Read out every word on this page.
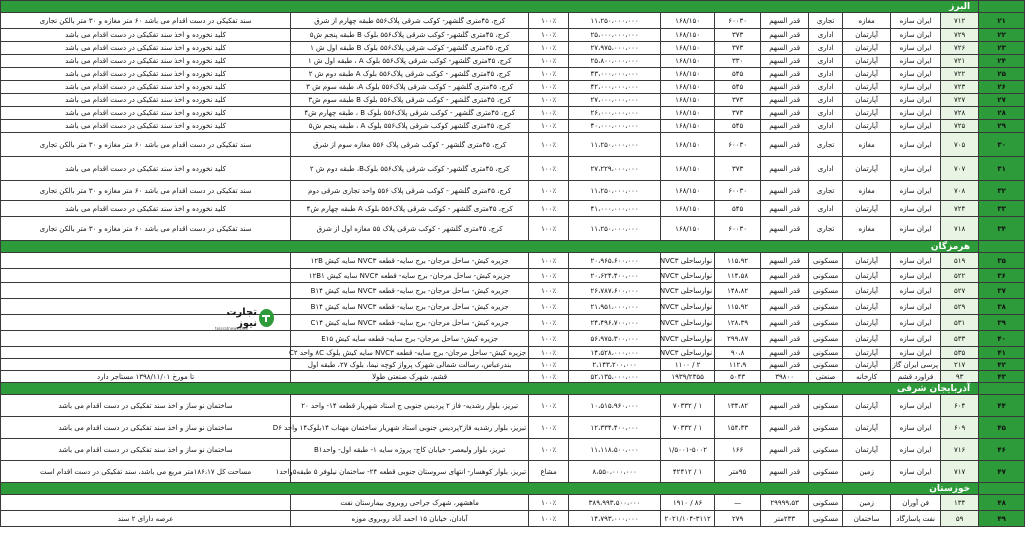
	البرز										
۲۱	۷۱۲	ایران سازه	مغازه	تجاری	قدر السهم	۶۰۰۳۰	۱۶۸/۱۵۰	۱۱،۲۵۰،۰۰۰،۰۰۰	۱۰۰٪	کرج، ۴۵متری گلشهر- کوکب شرقی پلاک۵۵۶ طبقه چهارم از شرق	سند تفکیکی در دست اقدام می باشد ۶۰ متر مغازه و ۳۰ متر بالکن تجاری
۲۲	۷۲۹	ایران سازه	آپارتمان	اداری	قدر السهم	۳۷۳	۱۶۸/۱۵۰	۲۵،۰۰۰،۰۰۰،۰۰۰	۱۰۰٪	کرج، ۴۵متری گلشهر- کوکب شرقی پلاک۵۵۶ بلوک B طبقه پنجم ش۵	کلید نخورده و اخذ سند تفکیکی در دست اقدام می باشد
۲۳	۷۲۶	ایران سازه	آپارتمان	اداری	قدر السهم	۳۷۳	۱۶۸/۱۵۰	۲۷،۹۷۵،۰۰۰،۰۰۰	۱۰۰٪	کرج، ۴۵متری گلشهر- کوکب شرقی پلاک۵۵۶ بلوک B طبقه اول ش ۱	کلید نخورده و اخذ سند تفکیکی در دست اقدام می باشد
۲۴	۷۲۱	ایران سازه	آپارتمان	اداری	قدر السهم	۳۳۰	۱۶۸/۱۵۰	۲۵،۸۰۰،۰۰۰،۰۰۰	۱۰۰٪	کرج، ۴۵متری گلشهر- کوکب شرقی پلاک۵۵۶ بلوک A ، طبقه اول ش ۱	کلید نخورده و اخذ سند تفکیکی در دست اقدام می باشد
۲۵	۷۲۲	ایران سازه	آپارتمان	اداری	قدر السهم	۵۴۵	۱۶۸/۱۵۰	۴۳،۰۰۰،۰۰۰،۰۰۰	۱۰۰٪	کرج، ۴۵متری گلشهر - کوکب شرقی پلاک۵۵۶ بلوک A طبقه دوم ش ۲	کلید نخورده و اخذ سند تفکیکی در دست اقدام می باشد
۲۶	۷۲۳	ایران سازه	آپارتمان	اداری	قدر السهم	۵۴۵	۱۶۸/۱۵۰	۴۲،۰۰۰،۰۰۰،۰۰۰	۱۰۰٪	کرج، ۴۵متری گلشهر - کوکب شرقی پلاک۵۵۶ بلوک A، طبقه سوم ش ۳	کلید نخورده و اخذ سند تفکیکی در دست اقدام می باشد
۲۷	۷۲۷	ایران سازه	آپارتمان	اداری	قدر السهم	۳۷۳	۱۶۸/۱۵۰	۲۷،۰۰۰،۰۰۰،۰۰۰	۱۰۰٪	کرج، ۴۵متری گلشهر - کوکب شرقی پلاک۵۵۶ بلوک B طبقه سوم ش۳	کلید نخورده و اخذ سند تفکیکی در دست اقدام می باشد
۲۸	۷۲۸	ایران سازه	آپارتمان	اداری	قدر السهم	۳۷۳	۱۶۸/۱۵۰	۲۶،۰۰۰،۰۰۰،۰۰۰	۱۰۰٪	کرج، ۴۵متری گلشهر - کوکب شرقی پلاک۵۵۶ بلوک B ، طبقه چهارم ش۴	کلید نخورده و اخذ سند تفکیکی در دست اقدام می باشد
۲۹	۷۲۵	ایران سازه	آپارتمان	اداری	قدر السهم	۵۴۵	۱۶۸/۱۵۰	۴۰،۰۰۰،۰۰۰،۰۰۰	۱۰۰٪	کرج، ۴۵متری گلشهر کوکب شرقی پلاک۵۵۶ بلوک A ، طبقه پنجم ش۵	کلید نخورده و اخذ سند تفکیکی در دست اقدام می باشد
۳۰	۷۰۵	ایران سازه	مغازه	تجاری	قدر السهم	۶۰۰۳۰	۱۶۸/۱۵۰	۱۱،۲۵۰،۰۰۰،۰۰۰	۱۰۰٪	کرج، ۴۵متری گلشهر - کوکب شرقی پلاک ۵۵۶ مغازه سوم از شرق	سند تفکیکی در دست اقدام می باشد ۶۰ متر مغازه و ۳۰ متر بالکن تجاری
۳۱	۷۰۷	ایران سازه	آپارتمان	اداری	قدر السهم	۳۷۳	۱۶۸/۱۵۰	۲۷،۲۲۹،۰۰۰،۰۰۰	۱۰۰٪	کرج، ۴۵متری گلشهر- کوکب شرقی پلاک۵۵۶ بلوکB، طبقه دوم ش ۲	کلید نخورده و اخذ سند تفکیکی در دست اقدام می باشد
۳۲	۷۰۸	ایران سازه	مغازه	تجاری	قدر السهم	۶۰۰۳۰	۱۶۸/۱۵۰	۱۱،۲۵۰،۰۰۰،۰۰۰	۱۰۰٪	کرج، ۴۵متری گلشهر - کوکب شرقی پلاک ۵۵۶ واحد تجاری شرقی دوم	سند تفکیکی در دست اقدام می باشد ۶۰ متر مغازه و ۳۰ متر بالکن تجاری
۳۳	۷۲۴	ایران سازه	آپارتمان	اداری	قدر السهم	۵۴۵	۱۶۸/۱۵۰	۴۱،۰۰۰،۰۰۰،۰۰۰	۱۰۰٪	کرج، ۴۵متری گلشهر - کوکب شرقی پلاک۵۵۶ بلوک A طبقه چهارم ش۴	کلید نخورده و اخذ سند تفکیکی در دست اقدام می باشد
۳۴	۷۱۸	ایران سازه	مغازه	تجاری	قدر السهم	۶۰۰۳۰	۱۶۸/۱۵۰	۱۱،۲۵۰،۰۰۰،۰۰۰	۱۰۰٪	کرج، ۴۵متری گلشهر - کوکب شرقی پلاک ۵۵ مغازه اول از شرق	سند تفکیکی در دست اقدام می باشد ۶۰ متر مغازه و ۳۰ متر بالکن تجاری
	هرمزگان										
۳۵	۵۱۹	ایران سازه	آپارتمان	مسکونی	قدر السهم	۱۱۵،۹۲	نوارساحلی NVC۳	۲۰،۹۶۵،۶۰۰،۰۰۰	۱۰۰٪	جزیره کیش- ساحل مرجان- برج سایه- قطعه NVC۳ سایه کیش ۱۲B	
۳۶	۵۲۲	ایران سازه	آپارتمان	مسکونی	قدر السهم	۱۱۴،۵۸	نوارساحلی NVC۳	۲۰،۶۲۴،۴۰۰،۰۰۰	۱۰۰٪	جزیره کیش- ساحل مرجان- برج سایه- قطعه NVC۳ سایه کیش ۱۲B۱	
۳۷	۵۲۷	ایران سازه	آپارتمان	مسکونی	قدر السهم	۱۴۸،۸۲	نوارساحلی NVC۳	۲۶،۷۸۷،۶۰۰،۰۰۰	۱۰۰٪	جزیره کیش- ساحل مرجان- برج سایه- قطعه NVC۳ سایه کیش B۱۴	
۳۸	۵۲۹	ایران سازه	آپارتمان	مسکونی	قدر السهم	۱۱۵،۹۲	نوارساحلی NVC۳	۲۱،۹۵۱،۰۰۰،۰۰۰	۱۰۰٪	جزیره کیش- ساحل مرجان- برج سایه- قطعه NVC۳ سایه کیش B۱۴	
۳۹	۵۳۱	ایران سازه	آپارتمان	مسکونی	قدر السهم	۱۲۸،۳۹	نوارساحلی NVC۳	۲۴،۴۹۶،۷۰۰،۰۰۰	۱۰۰٪	جزیره کیش- ساحل مرجان- برج سایه- قطعه NVC۳ سایه کیش C۱۴	
۴۰	۵۳۳	ایران سازه	آپارتمان	مسکونی	قدر السهم	۲۹۹،۸۷	نوارساحلی NVC۳	۵۶،۹۷۵،۳۰۰،۰۰۰	۱۰۰٪	جزیره کیش- ساحل مرجان- برج سایه- قطعه سایه کیش E۱۵	
۴۱	۵۳۵	ایران سازه	آپارتمان	مسکونی	قدر السهم	۹۰،۸	نوارساحلی NVC۳	۱۴،۵۲۸،۰۰۰،۰۰۰	۱۰۰٪	جزیره کیش- ساحل مرجان- برج سایه- قطعه NVC۳ سایه کیش بلوک ۸C واحد C۲	
۴۲	۲۱۷	پرسی ایران گاز	آپارتمان	مسکونی	قدر السهم	۱۱۲،۹	۲ / ۱۱۰۰	۲،۱۴۳،۲۰۰،۰۰۰	۱۰۰٪	بندرعباس، رسالت شمالی شهرک پرواز کوچه نیما، بلوک ۲۷، طبقه اول	
۴۳	۹۳	فراورد قشم	کارخانه	صنعتی	۳۹۸۰۰	۵۰۴۳	۱۹۳۹/۲۳۵۵	۵۲،۱۳۵،۰۰۰،۰۰۰	۱۰۰٪	قشم، شهرک صنعتی طولا	تا مورخ ۱۳۹۸/۱۱/۰۱ مستاجر دارد
	آذربایجان شرقی										
۴۴	۶۰۴	ایران سازه	آپارتمان	مسکونی	قدر السهم	۱۳۴،۸۲	۱ / ۷۰۳۳۲	۱۰،۵۱۵،۹۶۰،۰۰۰	۱۰۰٪	تبریز، بلوار رشدیه- فاز ۲ پردیس جنوبی ج استاد شهریار قطعه ۱۴- واحد ۲۰	ساختمان نو ساز و اخذ سند تفکیکی در دست اقدام می باشد
۴۵	۶۰۹	ایران سازه	آپارتمان	مسکونی	قدر السهم	۱۵۴،۳۳	۱ / ۷۰۳۳۲	۱۲،۳۳۴،۴۰۰،۰۰۰	۱۰۰٪	تبریز، بلوار رشدیه فاز۲پردیس جنوبی استاد شهریار ساختمان مهتاب ۱۴بلوک۱۴ واحد D۶	ساختمان نو ساز و اخذ سند تفکیکی در دست اقدام می باشد
۴۶	۷۱۶	ایران سازه	آپارتمان	مسکونی	قدر السهم	۱۶۶	۱/۵۰۰۱-۵۰۰۲	۱۱،۱۱۸،۵۰۰،۰۰۰	۱۰۰٪	تبریز، بلوار ولیعصر- خیابان کاج- پروژه سایه ۱- طبقه اول- واحدB۱	ساختمان نو ساز و اخذ سند تفکیکی در دست اقدام می باشد
۴۷	۷۱۷	ایران سازه	زمین	مسکونی	قدر السهم	۹۵متر	۱ / ۴۲۴۱۲	۸،۵۵۰،۰۰۰،۰۰۰	مشاع	تبریز، بلوار کوهسار- انتهای سروستان جنوبی قطعه ۲۴- ساختمان نیلوفر ۵ طبقه۵واحد۱	مساحت کل ۱۸۶،۱۷متر مربع می باشد، سند تفکیکی در دست اقدام است
	خوزستان										
۴۸	۱۳۴	فن آوران	زمین	مسکونی	۲۹۹۹۹،۵۳	—	۸۶ / ۱۹۱۰	۳۸۹،۹۹۳،۵۰۰،۰۰۰	۱۰۰٪	ماهشهر، شهرک جراحی روبروی بیمارستان نفت	
۴۹	۵۹	نفت پاسارگاد	ساختمان	مسکونی	۲۳۳متر	۲۷۹	۲۰۲۱/۱۰۴-۳۱۱۲	۱۴،۷۹۳،۰۰۰،۰۰۰	۱۰۰٪	آبادان، خیابان ۱۵ احمد آباد روبروی موزه	عرصه دارای ۲ سند
تجارت نیوز
tejaratnews.com
